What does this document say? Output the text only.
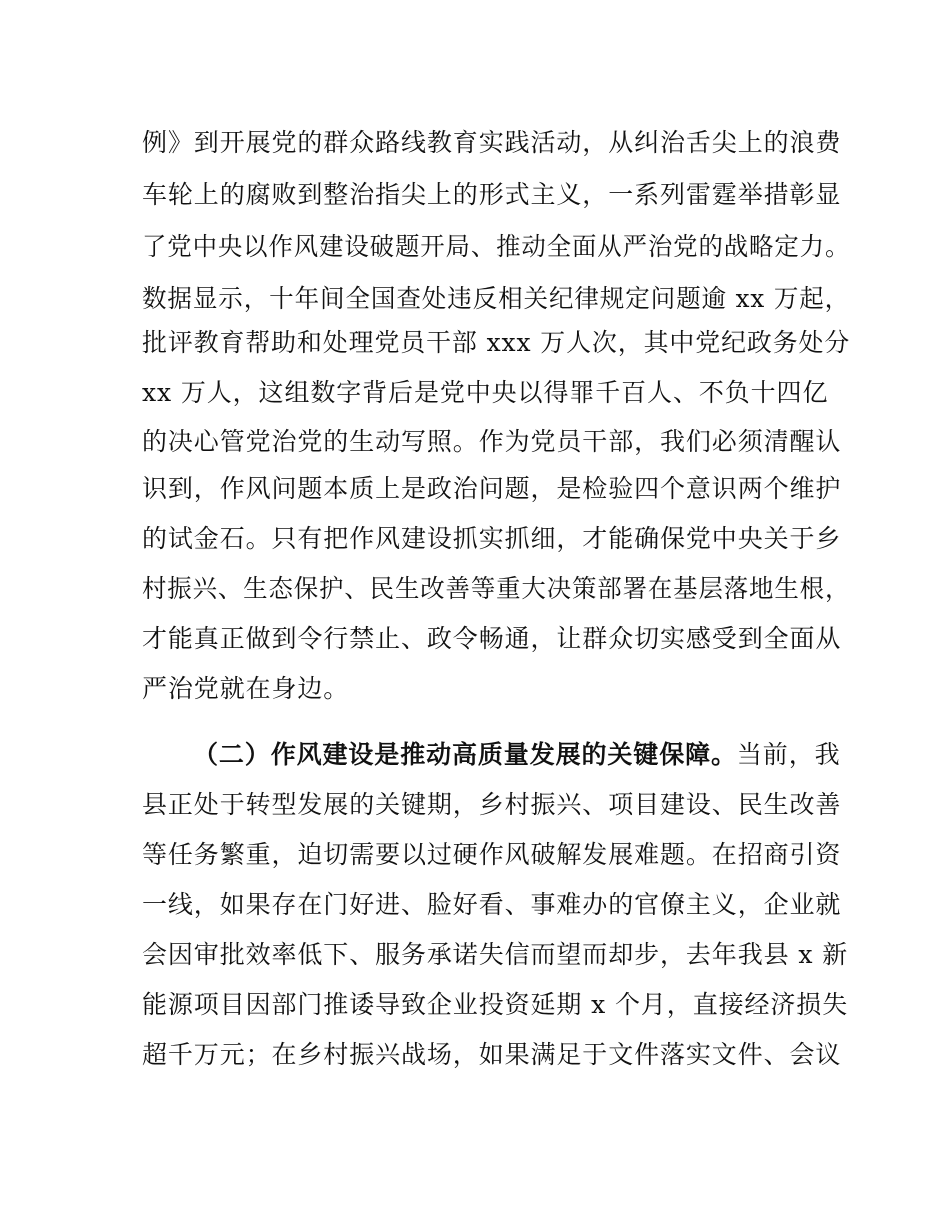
例》到开展党的群众路线教育实践活动，从纠治舌尖上的浪费
车轮上的腐败到整治指尖上的形式主义，一系列雷霆举措彰显
了党中央以作风建设破题开局、推动全面从严治党的战略定力。
数据显示，十年间全国查处违反相关纪律规定问题逾 xx 万起，
批评教育帮助和处理党员干部 xxx 万人次，其中党纪政务处分
xx 万人，这组数字背后是党中央以得罪千百人、不负十四亿
的决心管党治党的生动写照。作为党员干部，我们必须清醒认
识到，作风问题本质上是政治问题，是检验四个意识两个维护
的试金石。只有把作风建设抓实抓细，才能确保党中央关于乡
村振兴、生态保护、民生改善等重大决策部署在基层落地生根，
才能真正做到令行禁止、政令畅通，让群众切实感受到全面从
严治党就在身边。
（二）作风建设是推动高质量发展的关键保障。当前，我
县正处于转型发展的关键期，乡村振兴、项目建设、民生改善
等任务繁重，迫切需要以过硬作风破解发展难题。在招商引资
一线，如果存在门好进、脸好看、事难办的官僚主义，企业就
会因审批效率低下、服务承诺失信而望而却步，去年我县 x 新
能源项目因部门推诿导致企业投资延期 x 个月，直接经济损失
超千万元；在乡村振兴战场，如果满足于文件落实文件、会议
